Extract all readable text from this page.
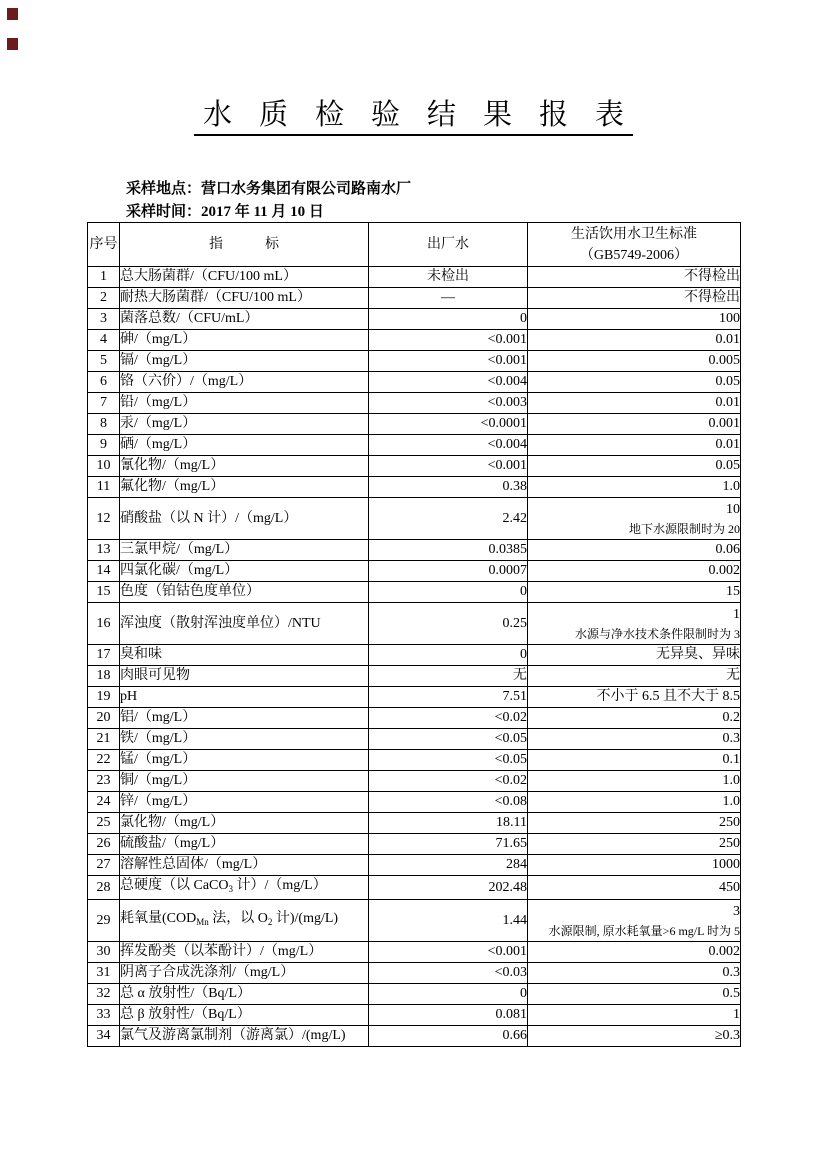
水 质 检 验 结 果 报 表
采样地点：营口水务集团有限公司路南水厂
采样时间：2017 年 11 月 10 日
序号	指　　　标	出厂水	生活饮用水卫生标准
（GB5749-2006）

1	总大肠菌群/（CFU/100 mL）	未检出	不得检出
2	耐热大肠菌群/（CFU/100 mL）	—	不得检出
3	菌落总数/（CFU/mL）	0	100
4	砷/（mg/L）	<0.001	0.01
5	镉/（mg/L）	<0.001	0.005
6	铬（六价）/（mg/L）	<0.004	0.05
7	铅/（mg/L）	<0.003	0.01
8	汞/（mg/L）	<0.0001	0.001
9	硒/（mg/L）	<0.004	0.01
10	氰化物/（mg/L）	<0.001	0.05
11	氟化物/（mg/L）	0.38	1.0
12	硝酸盐（以 N 计）/（mg/L）	2.42	10
地下水源限制时为 20

13	三氯甲烷/（mg/L）	0.0385	0.06
14	四氯化碳/（mg/L）	0.0007	0.002
15	色度（铂钴色度单位）	0	15
16	浑浊度（散射浑浊度单位）/NTU	0.25	1
水源与净水技术条件限制时为 3

17	臭和味	0	无异臭、异味
18	肉眼可见物	无	无
19	pH	7.51	不小于 6.5 且不大于 8.5
20	铝/（mg/L）	<0.02	0.2
21	铁/（mg/L）	<0.05	0.3
22	锰/（mg/L）	<0.05	0.1
23	铜/（mg/L）	<0.02	1.0
24	锌/（mg/L）	<0.08	1.0
25	氯化物/（mg/L）	18.11	250
26	硫酸盐/（mg/L）	71.65	250
27	溶解性总固体/（mg/L）	284	1000
28	总硬度（以 CaCO$_3$ 计）/（mg/L）	202.48	450
29	耗氧量($COD_{Mn}$ 法，以 $O_2$ 计)/(mg/L)	1.44	3
水源限制, 原水耗氧量>6 mg/L 时为 5

30	挥发酚类（以苯酚计）/（mg/L）	<0.001	0.002
31	阴离子合成洗涤剂/（mg/L）	<0.03	0.3
32	总 α 放射性/（Bq/L）	0	0.5
33	总 β 放射性/（Bq/L）	0.081	1
34	氯气及游离氯制剂（游离氯）/(mg/L)	0.66	≥0.3
